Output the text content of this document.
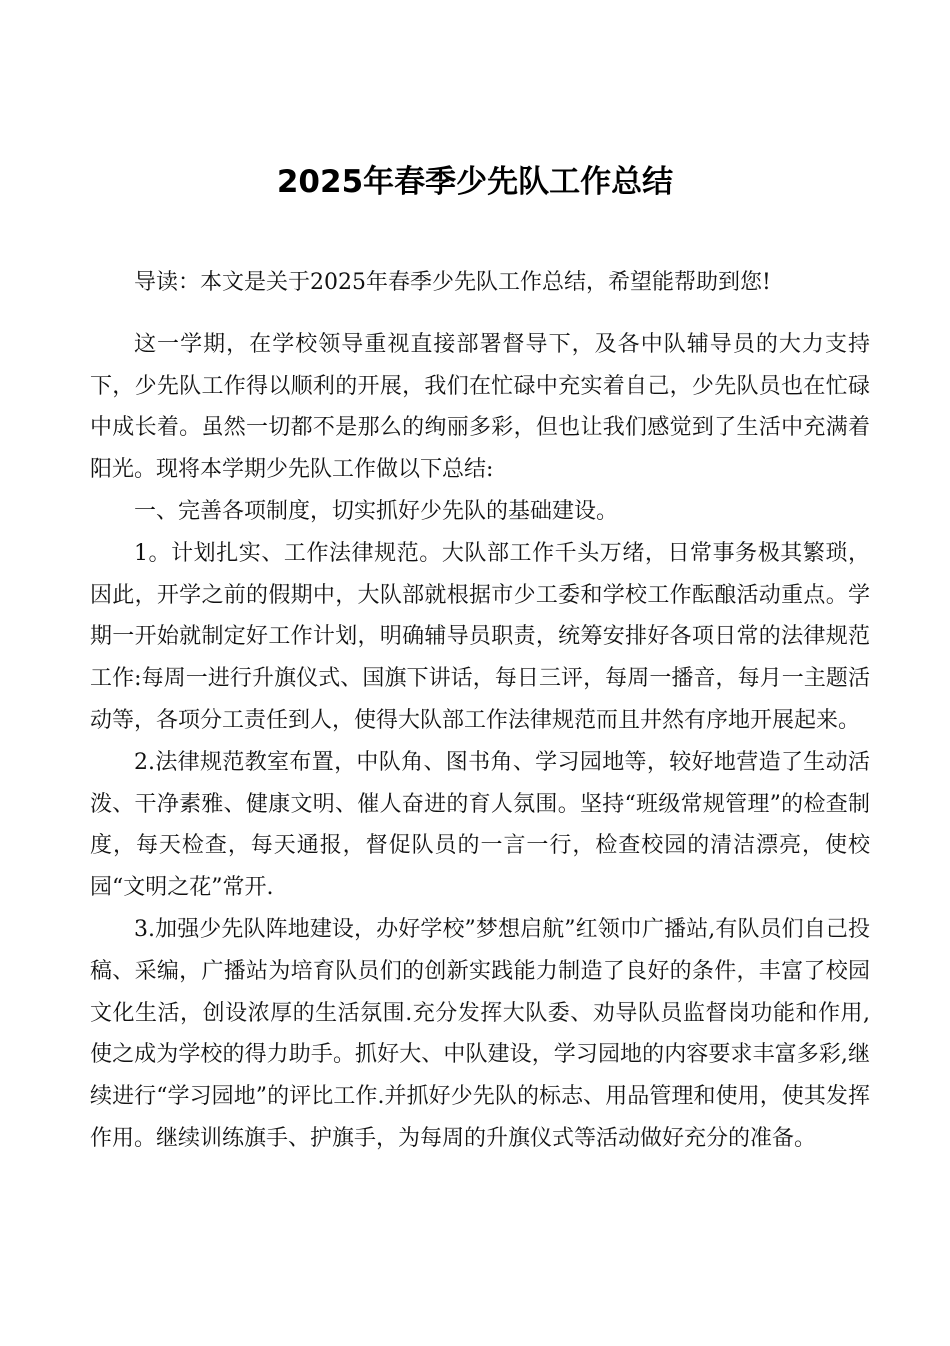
2025年春季少先队工作总结

导读：本文是关于2025年春季少先队工作总结，希望能帮助到您!

这一学期，在学校领导重视直接部署督导下，及各中队辅导员的大力支持下，少先队工作得以顺利的开展，我们在忙碌中充实着自己，少先队员也在忙碌中成长着。虽然一切都不是那么的绚丽多彩，但也让我们感觉到了生活中充满着阳光。现将本学期少先队工作做以下总结:

一、完善各项制度，切实抓好少先队的基础建设。

1。计划扎实、工作法律规范。大队部工作千头万绪，日常事务极其繁琐，因此，开学之前的假期中，大队部就根据市少工委和学校工作酝酿活动重点。学期一开始就制定好工作计划，明确辅导员职责，统筹安排好各项日常的法律规范工作:每周一进行升旗仪式、国旗下讲话，每日三评，每周一播音，每月一主题活动等，各项分工责任到人，使得大队部工作法律规范而且井然有序地开展起来。

2.法律规范教室布置，中队角、图书角、学习园地等，较好地营造了生动活泼、干净素雅、健康文明、催人奋进的育人氛围。坚持“班级常规管理”的检查制度，每天检查，每天通报，督促队员的一言一行，检查校园的清洁漂亮，使校园“文明之花”常开.

3.加强少先队阵地建设，办好学校”梦想启航”红领巾广播站,有队员们自己投稿、采编，广播站为培育队员们的创新实践能力制造了良好的条件，丰富了校园文化生活，创设浓厚的生活氛围.充分发挥大队委、劝导队员监督岗功能和作用,使之成为学校的得力助手。抓好大、中队建设，学习园地的内容要求丰富多彩,继续进行“学习园地”的评比工作.并抓好少先队的标志、用品管理和使用，使其发挥作用。继续训练旗手、护旗手，为每周的升旗仪式等活动做好充分的准备。
